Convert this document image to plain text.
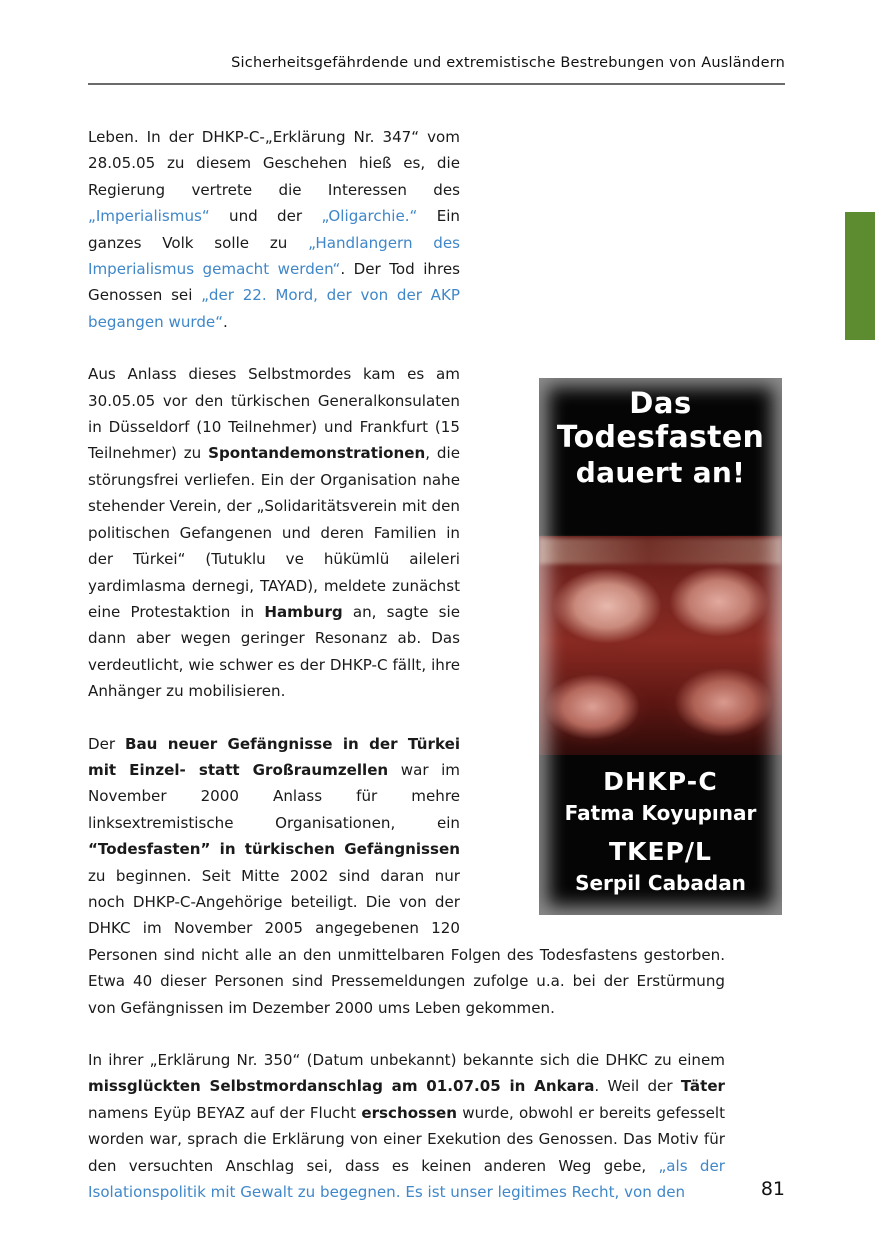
Sicherheitsgefährdende und extremistische Bestrebungen von Ausländern

Leben. In der DHKP-C-„Erklärung Nr. 347“ vom 28.05.05 zu diesem Geschehen hieß es, die Regierung vertrete die Interessen des „Imperialismus“ und der „Oligarchie.“ Ein ganzes Volk solle zu „Handlangern des Imperialismus gemacht werden“. Der Tod ihres Genossen sei „der 22. Mord, der von der AKP begangen wurde“.

Aus Anlass dieses Selbstmordes kam es am 30.05.05 vor den türkischen Generalkonsulaten in Düsseldorf (10 Teilnehmer) und Frankfurt (15 Teilnehmer) zu Spontandemonstrationen, die störungsfrei verliefen. Ein der Organisation nahe stehender Verein, der „Solidaritätsverein mit den politischen Gefangenen und deren Familien in der Türkei“ (Tutuklu ve hükümlü aileleri yardimlasma dernegi, TAYAD), meldete zunächst eine Protestaktion in Hamburg an, sagte sie dann aber wegen geringer Resonanz ab. Das verdeutlicht, wie schwer es der DHKP-C fällt, ihre Anhänger zu mobilisieren.

Der Bau neuer Gefängnisse in der Türkei mit Einzel- statt Großraumzellen war im November 2000 Anlass für mehre linksextremistische Organisationen, ein “Todesfasten” in türkischen Gefängnissen zu beginnen. Seit Mitte 2002 sind daran nur noch DHKP-C-Angehörige beteiligt. Die von der DHKC im November 2005 angegebenen 120 Personen sind nicht alle an den unmittelbaren Folgen des Todesfastens gestorben. Etwa 40 dieser Personen sind Pressemeldungen zufolge u.a. bei der Erstürmung von Gefängnissen im Dezember 2000 ums Leben gekommen.

In ihrer „Erklärung Nr. 350“ (Datum unbekannt) bekannte sich die DHKC zu einem missglückten Selbstmordanschlag am 01.07.05 in Ankara. Weil der Täter namens Eyüp BEYAZ auf der Flucht erschossen wurde, obwohl er bereits gefesselt worden war, sprach die Erklärung von einer Exekution des Genossen. Das Motiv für den versuchten Anschlag sei, dass es keinen anderen Weg gebe, „als der Isolationspolitik mit Gewalt zu begegnen. Es ist unser legitimes Recht, von den

Das
Todesfasten
dauert an!
DHKP-C
Fatma Koyupınar
TKEP/L
Serpil Cabadan
81
